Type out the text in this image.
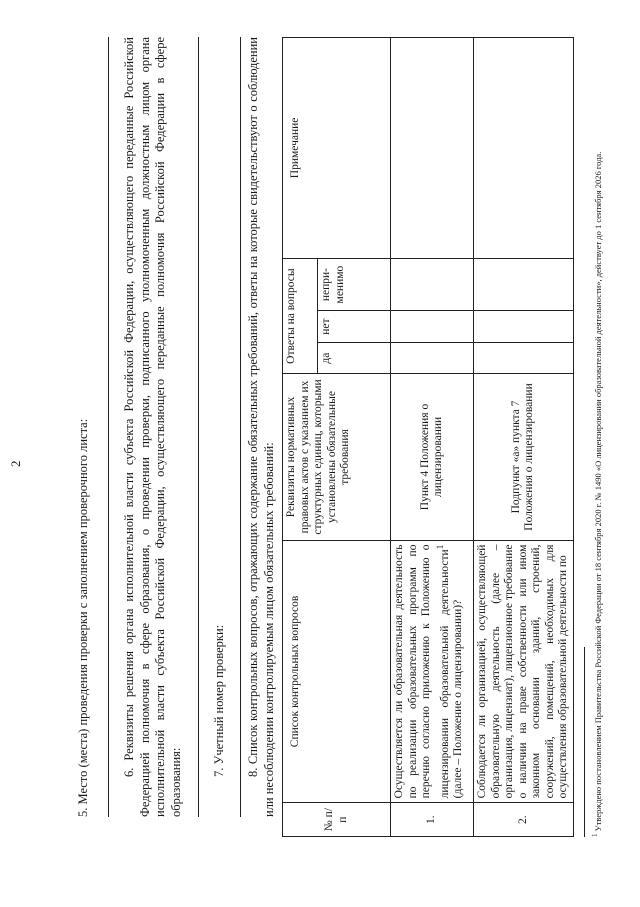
2	5. Место (места) проведения проверки с заполнением проверочного листа:	6. Реквизиты решения органа исполнительной власти субъекта Российской Федерации, осуществляющего переданные Российской Федерацией полномочия в сфере образования, о проведении проверки, подписанного уполномоченным должностным лицом органа исполнительной власти субъекта Российской Федерации, осуществляющего переданные полномочия Российской Федерации в сфере образования:
7. Учетный номер проверки: 8. Список контрольных вопросов, отражающих содержание обязательных требований, ответы на которые свидетельствуют о соблюдении или несоблюдении контролируемым лицом обязательных требований:
№ п/п	Список контрольных вопросов	Реквизиты нормативных правовых актов с указанием их структурных единиц, которыми установлены обязательные требования	Ответы на вопросы			Примечание
			да	нет	непри-менимо	
1.	Осуществляется ли образовательная деятельность по реализации образовательных программ по перечню согласно приложению к Положению о лицензировании образовательной деятельности$^1$ (далее – Положение о лицензировании)?	Пункт 4 Положения о лицензировании				
2.	Соблюдается ли организацией, осуществляющей образовательную деятельность (далее – организация, лицензиат), лицензионное требование о наличии на праве собственности или ином законном основании зданий, строений, сооружений, помещений, необходимых для осуществления образовательной деятельности по	Подпункт «а» пункта 7 Положения о лицензировании				
$^1$ Утверждено постановлением Правительства Российской Федерации от 18 сентября 2020 г. № 1490 «О лицензировании образовательной деятельности», действует до 1 сентября 2026 года.
